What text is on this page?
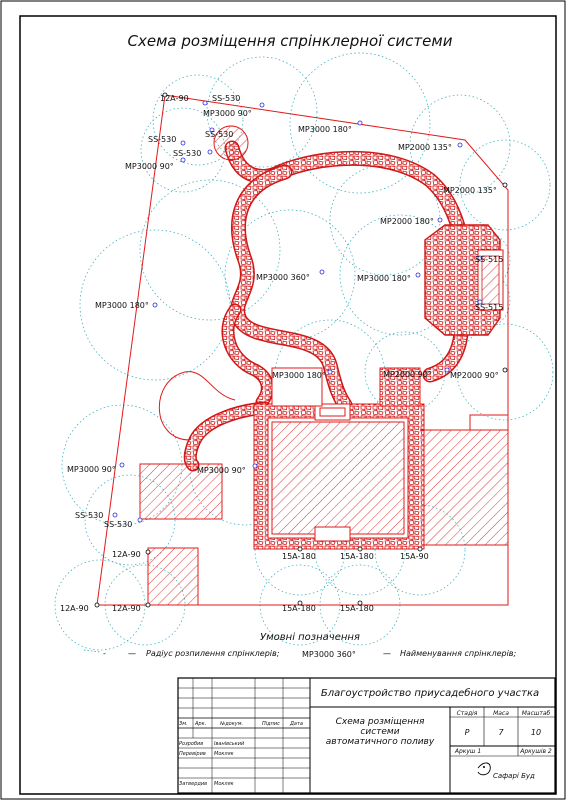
Схема розміщення спрінклерної системи
12А-90	SS-530
МР3000 90°
МР3000 180°
SS-530
SS-530
SS-530
МР3000 90°
МР2000 135°
МР2000 135°
МР2000 180°
МР3000 360°	МР3000 180°
МР3000 180°
SS-515
SS-515
МР3000 180°	МР2000 90° МР2000 90°
МР3000 90°	МР3000 90°
SS-530
SS-530
12А-90	15А-180	15А-180	15А-90
12А-90	12А-90	15А-180	15А-180
Умовні позначення
-	— Радіус розпилення спрінклерів;	МР3000 360°	— Найменування спрінклерів;
Благоустройство приусадебного участка
Схема розміщення
системи
автоматичного поливу
Зм. Арк.	№докум.	Підпис Дата
Розробив Іванівський
Перевірив Мокляк
Затвердив Мокляк
Стадія	Маса Масштаб
Р	7	10
Аркуш 1	Аркушів 2
Сафарі Буд
